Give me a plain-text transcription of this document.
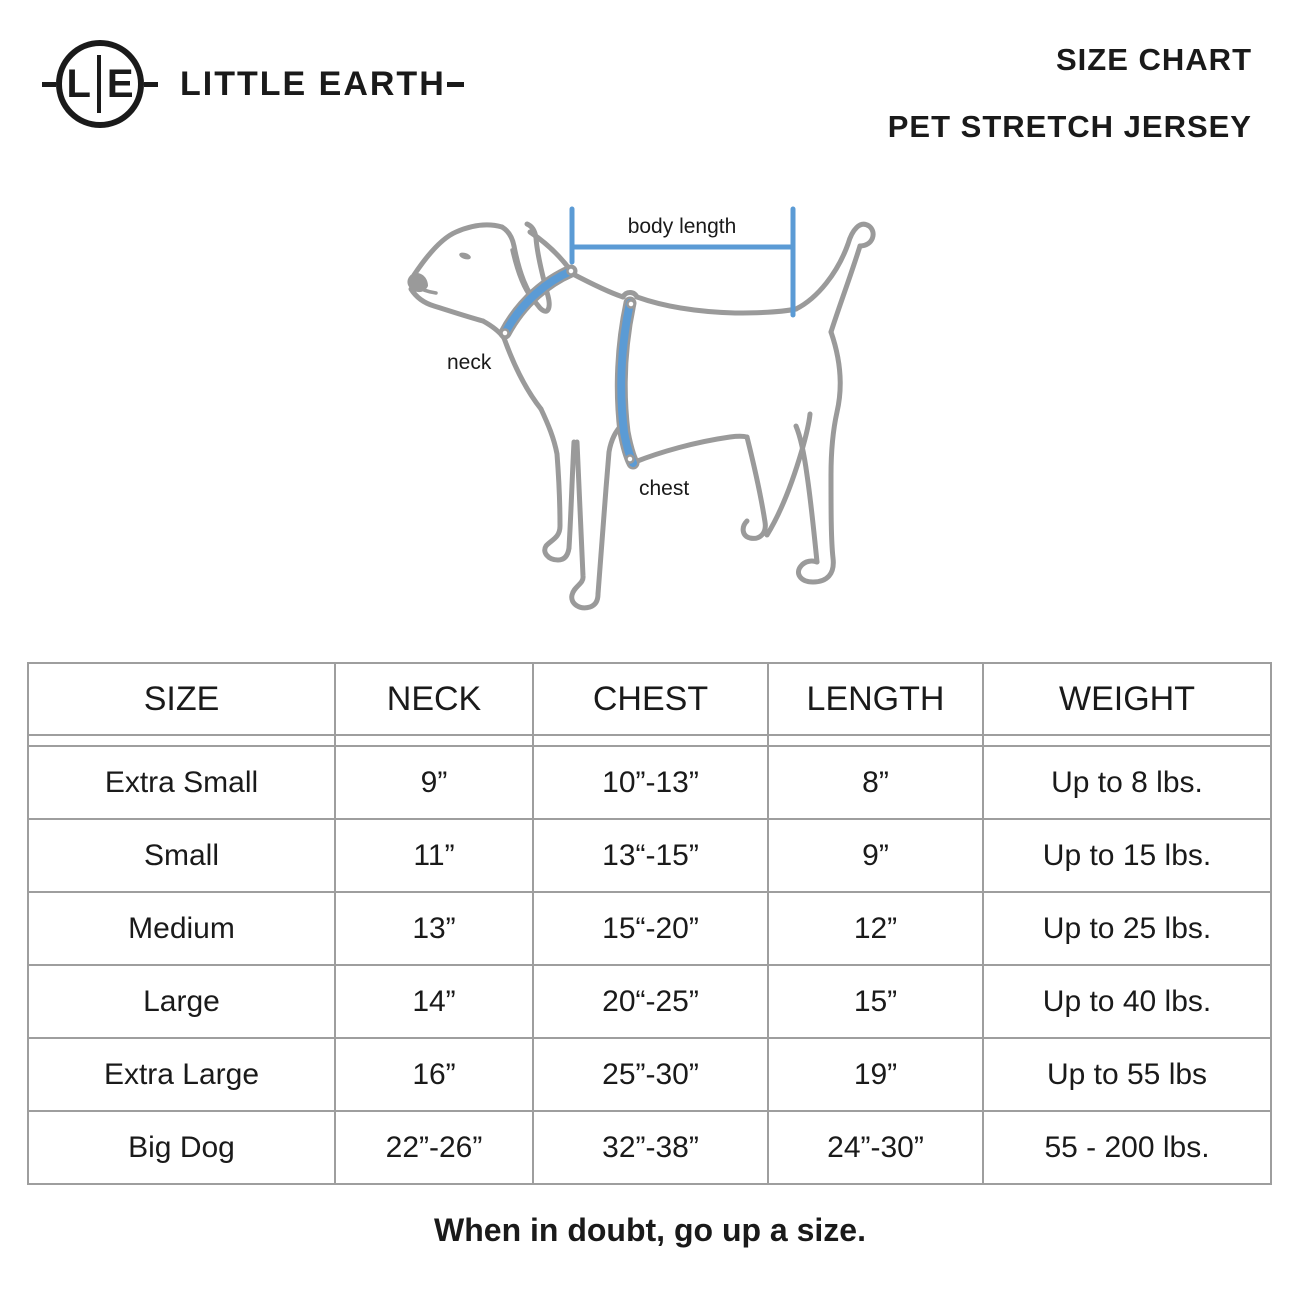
L E LITTLE EARTH
SIZE CHART
PET STRETCH JERSEY
body length
neck
chest
SIZE	NECK	CHEST	LENGTH	WEIGHT

Extra Small	9”	10”-13”	8”	Up to 8 lbs.
Small	11”	13“-15”	9”	Up to 15 lbs.
Medium	13”	15“-20”	12”	Up to 25 lbs.
Large	14”	20“-25”	15”	Up to 40 lbs.
Extra Large	16”	25”-30”	19”	Up to 55 lbs
Big Dog	22”-26”	32”-38”	24”-30”	55 - 200 lbs.
When in doubt, go up a size.
